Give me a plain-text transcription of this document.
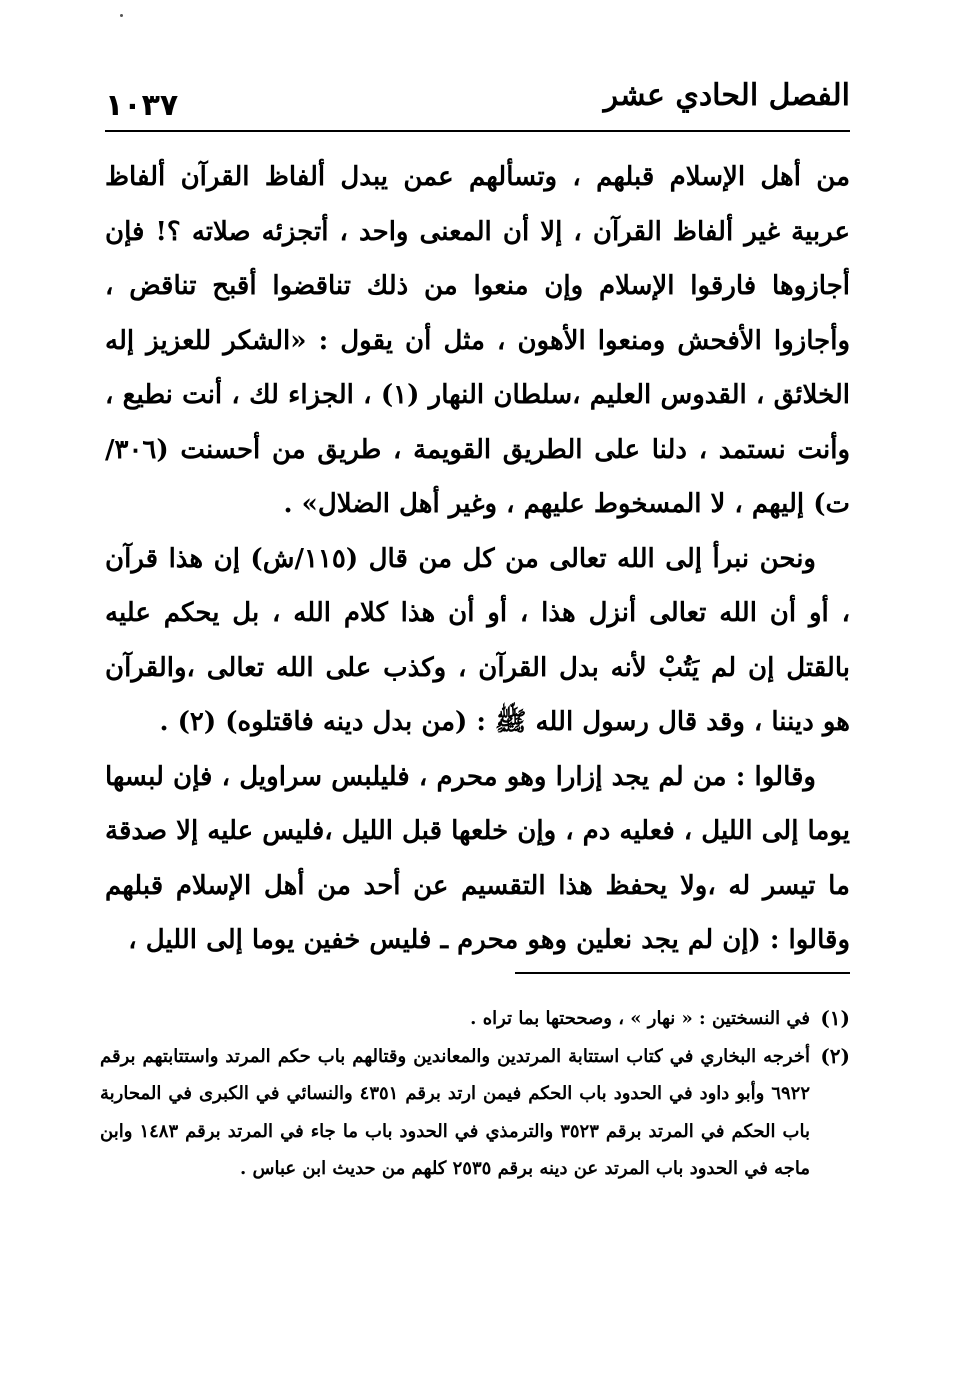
١٠٣٧	الفصل الحادي عشر

من أهل الإسلام قبلهم ، وتسألهم عمن يبدل ألفاظ القرآن ألفاظ عربية غير ألفاظ القرآن ، إلا أن المعنى واحد ، أتجزئه صلاته ؟! فإن أجازوها فارقوا الإسلام وإن منعوا من ذلك تناقضوا أقبح تناقض ، وأجازوا الأفحش ومنعوا الأهون ، مثل أن يقول : «الشكر للعزيز إله الخلائق ، القدوس العليم ،سلطان النهار (١) ، الجزاء لك ، أنت نطيع ، وأنت نستمد ، دلنا على الطريق القويمة ، طريق من أحسنت (٣٠٦/ت) إليهم ، لا المسخوط عليهم ، وغير أهل الضلال» .

ونحن نبرأ إلى الله تعالى من كل من قال (١١٥/ش) إن هذا قرآن ، أو أن الله تعالى أنزل هذا ، أو أن هذا كلام الله ، بل يحكم عليه بالقتل إن لم يَتُبْ لأنه بدل القرآن ، وكذب على الله تعالى ،والقرآن هو ديننا ، وقد قال رسول الله ﷺ : (من بدل دينه فاقتلوه) (٢) .

وقالوا : من لم يجد إزارا وهو محرم ، فليلبس سراويل ، فإن لبسها يوما إلى الليل ، فعليه دم ، وإن خلعها قبل الليل ،فليس عليه إلا صدقة ما تيسر له ،ولا يحفظ هذا التقسيم عن أحد من أهل الإسلام قبلهم وقالوا : (إن لم يجد نعلين وهو محرم ـ فليس خفين يوما إلى الليل ،

(١)
في النسختين : « نهار » ، وصححتها بما تراه .
(٢)
أخرجه البخاري في كتاب استتابة المرتدين والمعاندين وقتالهم باب حكم المرتد واستتابتهم برقم ٦٩٢٢ وأبو داود في الحدود باب الحكم فيمن ارتد برقم ٤٣٥١ والنسائي في الكبرى في المحاربة باب الحكم في المرتد برقم ٣٥٢٣ والترمذي في الحدود باب ما جاء في المرتد برقم ١٤٨٣ وابن ماجه في الحدود باب المرتد عن دينه برقم ٢٥٣٥ كلهم من حديث ابن عباس .
